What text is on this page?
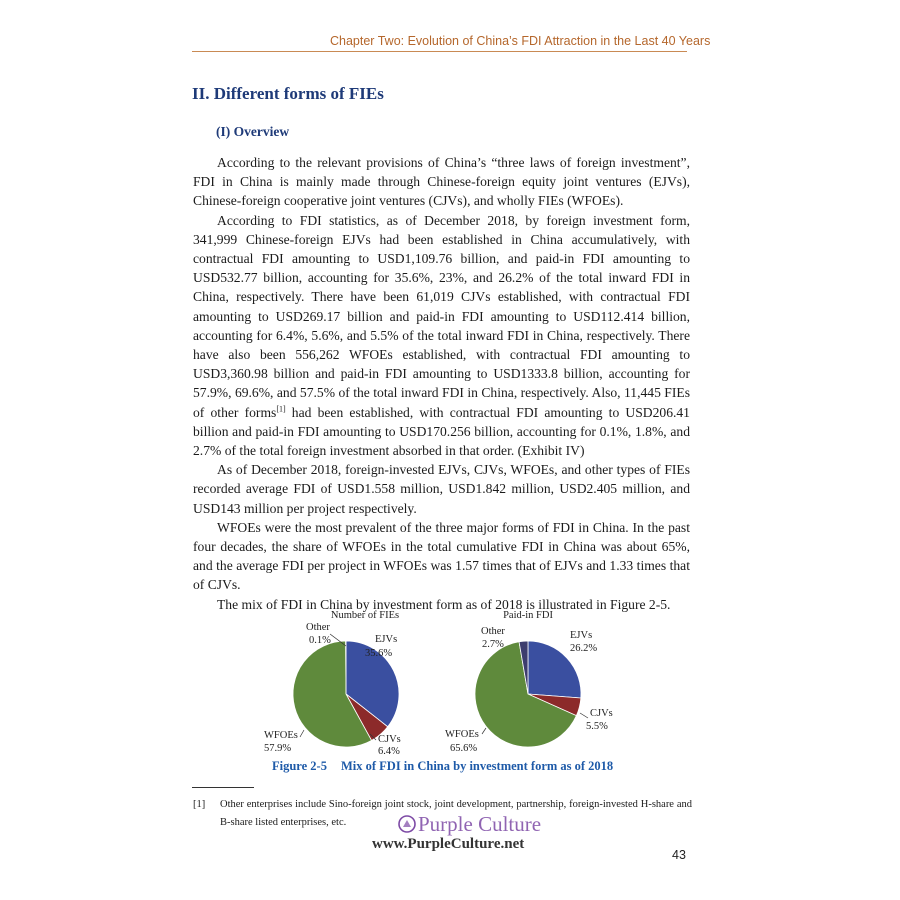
Chapter Two: Evolution of China’s FDI Attraction in the Last 40 Years
II. Different forms of FIEs
(I) Overview

According to the relevant provisions of China’s “three laws of foreign investment”, FDI in China is mainly made through Chinese-foreign equity joint ventures (EJVs), Chinese-foreign cooperative joint ventures (CJVs), and wholly FIEs (WFOEs).

According to FDI statistics, as of December 2018, by foreign investment form, 341,999 Chinese-foreign EJVs had been established in China accumulatively, with contractual FDI amounting to USD1,109.76 billion, and paid-in FDI amounting to USD532.77 billion, accounting for 35.6%, 23%, and 26.2% of the total inward FDI in China, respectively. There have been 61,019 CJVs established, with contractual FDI amounting to USD269.17 billion and paid-in FDI amounting to USD112.414 billion, accounting for 6.4%, 5.6%, and 5.5% of the total inward FDI in China, respectively. There have also been 556,262 WFOEs established, with contractual FDI amounting to USD3,360.98 billion and paid-in FDI amounting to USD1333.8 billion, accounting for 57.9%, 69.6%, and 57.5% of the total inward FDI in China, respectively. Also, 11,445 FIEs of other forms[1] had been established, with contractual FDI amounting to USD206.41 billion and paid-in FDI amounting to USD170.256 billion, accounting for 0.1%, 1.8%, and 2.7% of the total foreign investment absorbed in that order. (Exhibit IV)

As of December 2018, foreign-invested EJVs, CJVs, WFOEs, and other types of FIEs recorded average FDI of USD1.558 million, USD1.842 million, USD2.405 million, and USD143 million per project respectively.

WFOEs were the most prevalent of the three major forms of FDI in China. In the past four decades, the share of WFOEs in the total cumulative FDI in China was about 65%, and the average FDI per project in WFOEs was 1.57 times that of EJVs and 1.33 times that of CJVs.

The mix of FDI in China by investment form as of 2018 is illustrated in Figure 2-5.

Number of FIEs
EJVs
35.6%
CJVs
6.4%
WFOEs
57.9%
Other
0.1%
Paid-in FDI
EJVs
26.2%
CJVs
5.5%
WFOEs
65.6%
Other
2.7%
Figure 2-5 Mix of FDI in China by investment form as of 2018
[1] Other enterprises include Sino-foreign joint stock, joint development, partnership, foreign-invested H-share and B-share listed enterprises, etc.	Purple Culture
www.PurpleCulture.net
43
